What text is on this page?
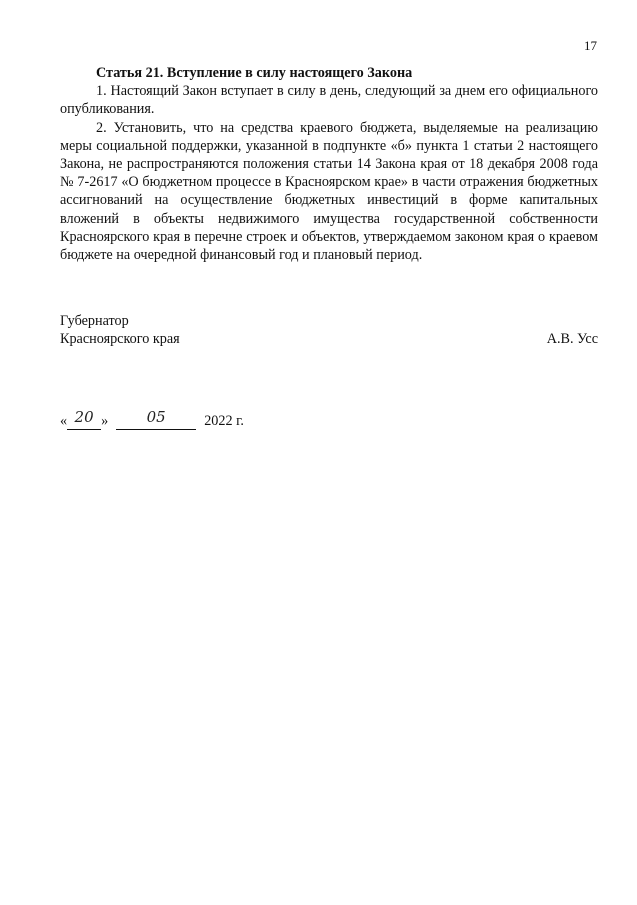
17

Статья 21. Вступление в силу настоящего Закона

1. Настоящий Закон вступает в силу в день, следующий за днем его официального опубликования.

2. Установить, что на средства краевого бюджета, выделяемые на реализацию меры социальной поддержки, указанной в подпункте «б» пункта 1 статьи 2 настоящего Закона, не распространяются положения статьи 14 Закона края от 18 декабря 2008 года № 7-2617 «О бюджетном процессе в Красноярском крае» в части отражения бюджетных ассигнований на осуществление бюджетных инвестиций в форме капитальных вложений в объекты недвижимого имущества государственной собственности Красноярского края в перечне строек и объектов, утверждаемом законом края о краевом бюджете на очередной финансовый год и плановый период.

Губернатор
Красноярского края	А.В. Усс
« 20 »	05	2022 г.
